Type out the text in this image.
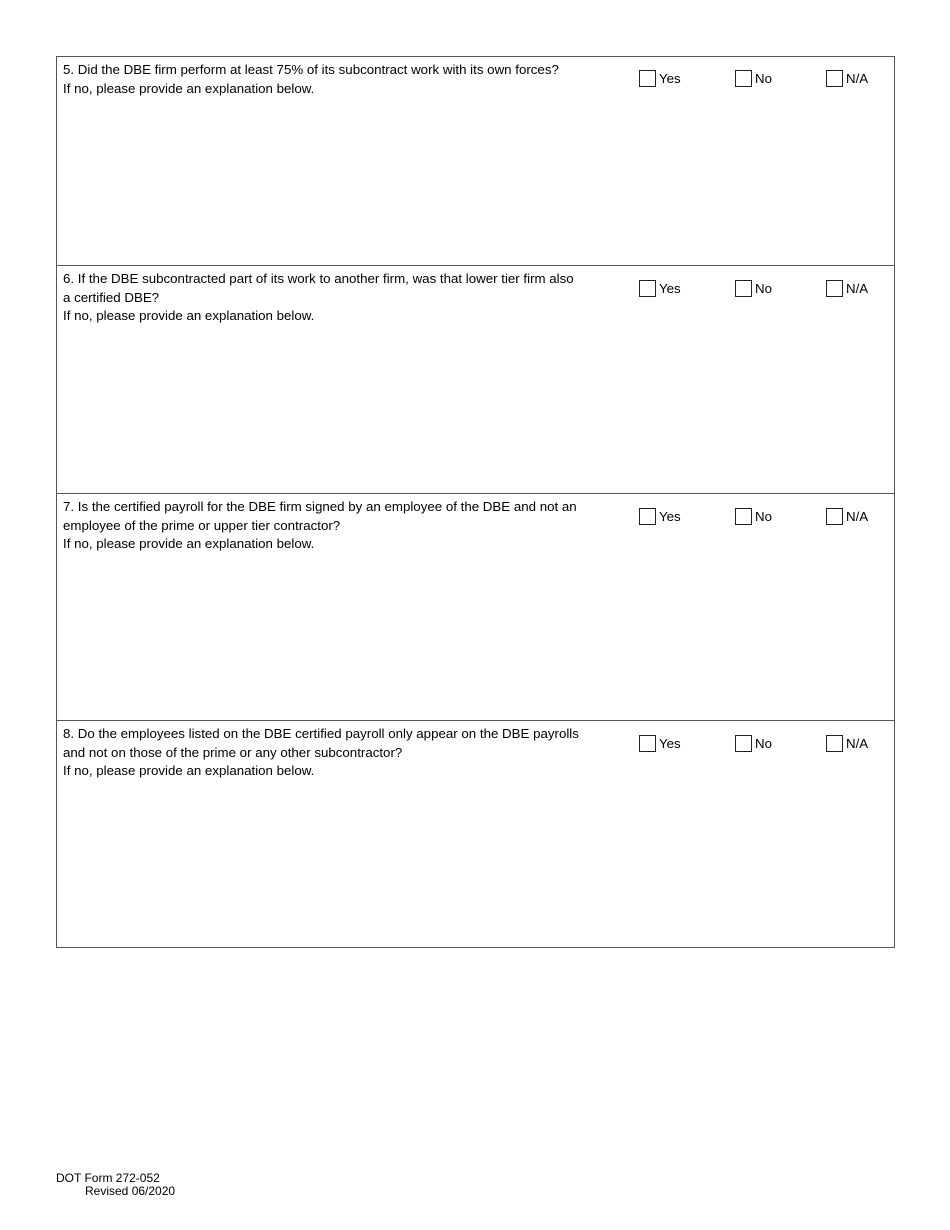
5. Did the DBE firm perform at least 75% of its subcontract work with its own forces?
If no, please provide an explanation below.
Yes	No	N/A
6. If the DBE subcontracted part of its work to another firm, was that lower tier firm also
a certified DBE?
If no, please provide an explanation below.
Yes	No	N/A
7. Is the certified payroll for the DBE firm signed by an employee of the DBE and not an
employee of the prime or upper tier contractor?
If no, please provide an explanation below.
Yes	No	N/A
8. Do the employees listed on the DBE certified payroll only appear on the DBE payrolls
and not on those of the prime or any other subcontractor?
If no, please provide an explanation below.
Yes	No	N/A
DOT Form 272-052
Revised 06/2020
